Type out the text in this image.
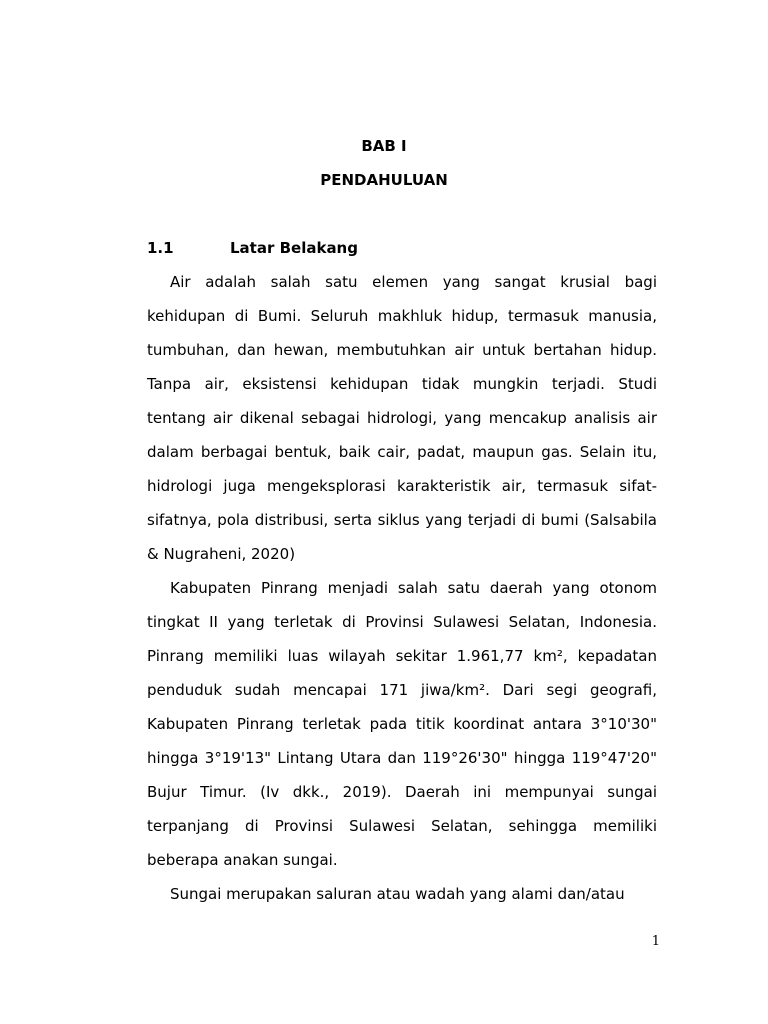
BAB I
PENDAHULUAN
1.1	Latar Belakang

Air adalah salah satu elemen yang sangat krusial bagi kehidupan di Bumi. Seluruh makhluk hidup, termasuk manusia, tumbuhan, dan hewan, membutuhkan air untuk bertahan hidup. Tanpa air, eksistensi kehidupan tidak mungkin terjadi. Studi tentang air dikenal sebagai hidrologi, yang mencakup analisis air dalam berbagai bentuk, baik cair, padat, maupun gas. Selain itu, hidrologi juga mengeksplorasi karakteristik air, termasuk sifat-sifatnya, pola distribusi, serta siklus yang terjadi di bumi (Salsabila & Nugraheni, 2020)

Kabupaten Pinrang menjadi salah satu daerah yang otonom tingkat II yang terletak di Provinsi Sulawesi Selatan, Indonesia. Pinrang memiliki luas wilayah sekitar 1.961,77 km², kepadatan penduduk sudah mencapai 171 jiwa/km². Dari segi geografi, Kabupaten Pinrang terletak pada titik koordinat antara 3°10'30" hingga 3°19'13" Lintang Utara dan 119°26'30" hingga 119°47'20" Bujur Timur. (Iv dkk., 2019). Daerah ini mempunyai sungai terpanjang di Provinsi Sulawesi Selatan, sehingga memiliki beberapa anakan sungai.

Sungai merupakan saluran atau wadah yang alami dan/atau

1
